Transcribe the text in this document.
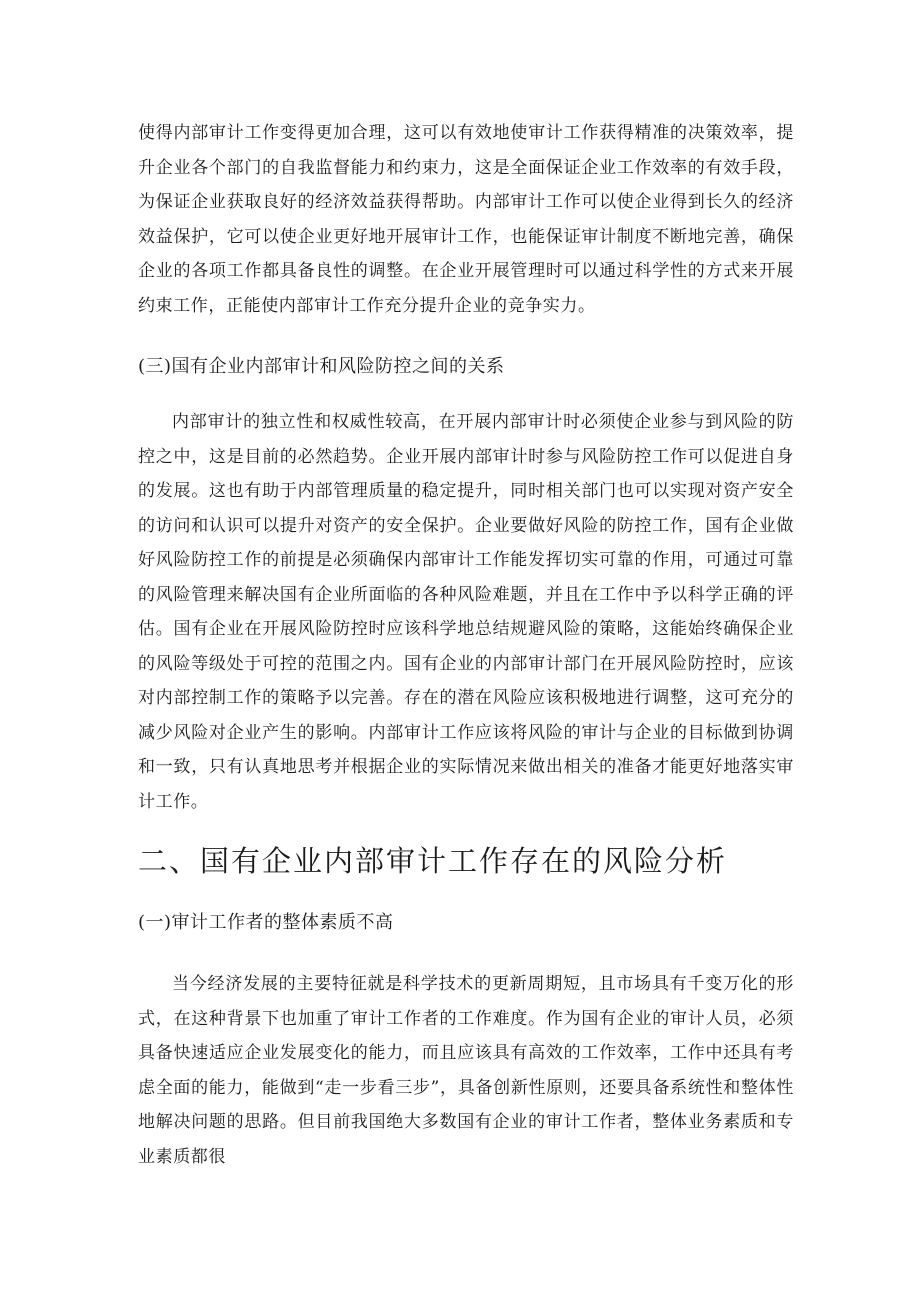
使得内部审计工作变得更加合理，这可以有效地使审计工作获得精准的决策效率，提升企业各个部门的自我监督能力和约束力，这是全面保证企业工作效率的有效手段，为保证企业获取良好的经济效益获得帮助。内部审计工作可以使企业得到长久的经济效益保护，它可以使企业更好地开展审计工作，也能保证审计制度不断地完善，确保企业的各项工作都具备良性的调整。在企业开展管理时可以通过科学性的方式来开展约束工作，正能使内部审计工作充分提升企业的竞争实力。

(三)国有企业内部审计和风险防控之间的关系

内部审计的独立性和权威性较高，在开展内部审计时必须使企业参与到风险的防控之中，这是目前的必然趋势。企业开展内部审计时参与风险防控工作可以促进自身的发展。这也有助于内部管理质量的稳定提升，同时相关部门也可以实现对资产安全的访问和认识可以提升对资产的安全保护。企业要做好风险的防控工作，国有企业做好风险防控工作的前提是必须确保内部审计工作能发挥切实可靠的作用，可通过可靠的风险管理来解决国有企业所面临的各种风险难题，并且在工作中予以科学正确的评估。国有企业在开展风险防控时应该科学地总结规避风险的策略，这能始终确保企业的风险等级处于可控的范围之内。国有企业的内部审计部门在开展风险防控时，应该对内部控制工作的策略予以完善。存在的潜在风险应该积极地进行调整，这可充分的减少风险对企业产生的影响。内部审计工作应该将风险的审计与企业的目标做到协调和一致，只有认真地思考并根据企业的实际情况来做出相关的准备才能更好地落实审计工作。

二、国有企业内部审计工作存在的风险分析

(一)审计工作者的整体素质不高

当今经济发展的主要特征就是科学技术的更新周期短，且市场具有千变万化的形式，在这种背景下也加重了审计工作者的工作难度。作为国有企业的审计人员，必须具备快速适应企业发展变化的能力，而且应该具有高效的工作效率，工作中还具有考虑全面的能力，能做到“走一步看三步”，具备创新性原则，还要具备系统性和整体性地解决问题的思路。但目前我国绝大多数国有企业的审计工作者，整体业务素质和专业素质都很
